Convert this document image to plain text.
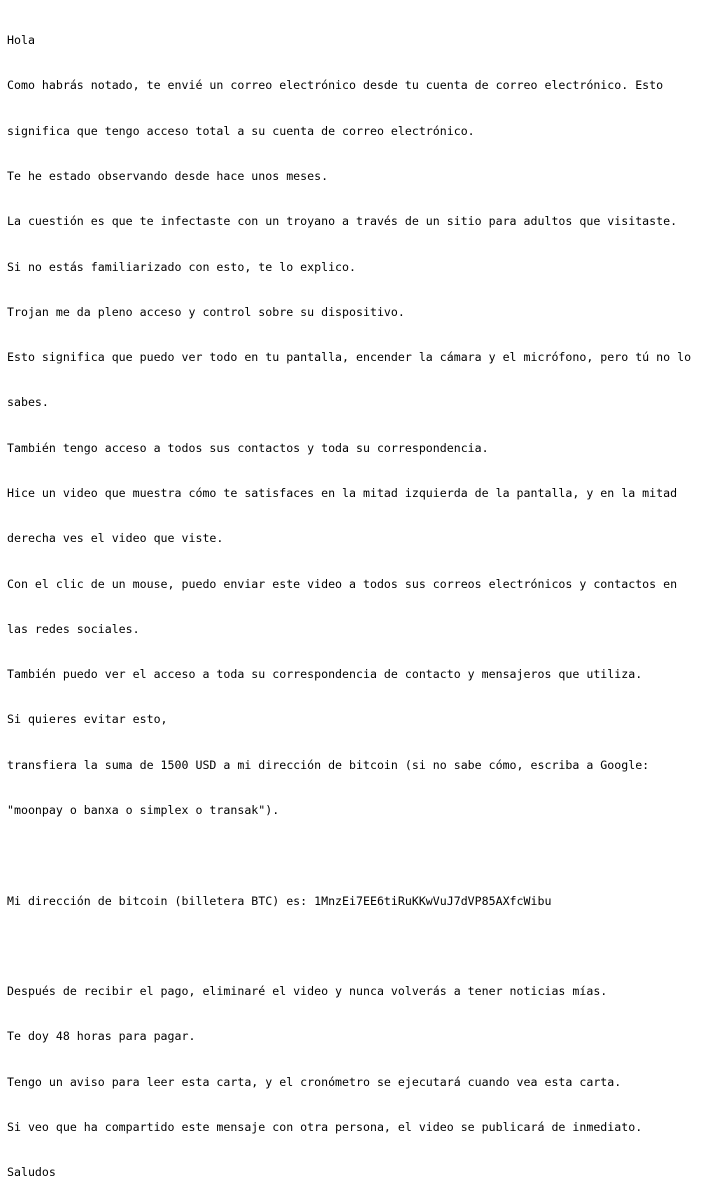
Hola

Como habrás notado, te envié un correo electrónico desde tu cuenta de correo electrónico. Esto

significa que tengo acceso total a su cuenta de correo electrónico.

Te he estado observando desde hace unos meses.

La cuestión es que te infectaste con un troyano a través de un sitio para adultos que visitaste.

Si no estás familiarizado con esto, te lo explico.

Trojan me da pleno acceso y control sobre su dispositivo.

Esto significa que puedo ver todo en tu pantalla, encender la cámara y el micrófono, pero tú no lo

sabes.

También tengo acceso a todos sus contactos y toda su correspondencia.

Hice un video que muestra cómo te satisfaces en la mitad izquierda de la pantalla, y en la mitad

derecha ves el video que viste.

Con el clic de un mouse, puedo enviar este video a todos sus correos electrónicos y contactos en

las redes sociales.

También puedo ver el acceso a toda su correspondencia de contacto y mensajeros que utiliza.

Si quieres evitar esto,

transfiera la suma de 1500 USD a mi dirección de bitcoin (si no sabe cómo, escriba a Google:

"moonpay o banxa o simplex o transak").

Mi dirección de bitcoin (billetera BTC) es: 1MnzEi7EE6tiRuKKwVuJ7dVP85AXfcWibu

Después de recibir el pago, eliminaré el video y nunca volverás a tener noticias mías.

Te doy 48 horas para pagar.

Tengo un aviso para leer esta carta, y el cronómetro se ejecutará cuando vea esta carta.

Si veo que ha compartido este mensaje con otra persona, el video se publicará de inmediato.

Saludos
